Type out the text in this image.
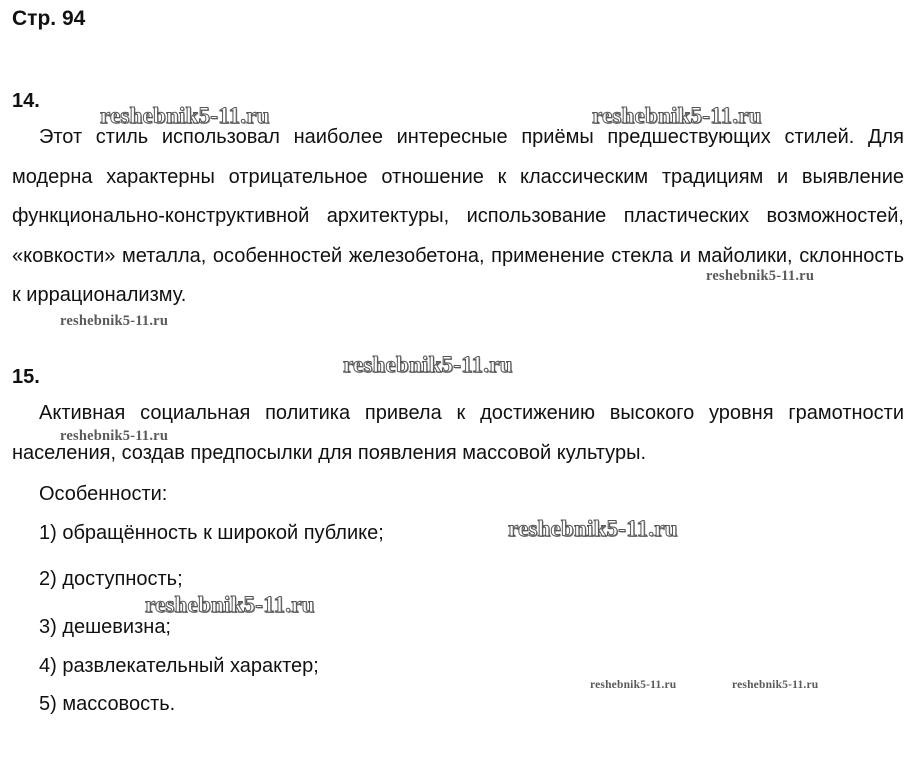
Стр. 94
14.
Этот стиль использовал наиболее интересные приёмы предшествующих стилей. Для модерна характерны отрицательное отношение к классическим традициям и выявление функционально-конструктивной архитектуры, использование пластических возможностей, «ковкости» металла, особенностей железобетона, применение стекла и майолики, склонность к иррационализму.
15.
Активная социальная политика привела к достижению высокого уровня грамотности населения, создав предпосылки для появления массовой культуры.
Особенности:
1) обращённость к широкой публике;
2) доступность;
3) дешевизна;
4) развлекательный характер;
5) массовость.
reshebnik5-11.ru	reshebnik5-11.ru
reshebnik5-11.ru
reshebnik5-11.ru
reshebnik5-11.ru
reshebnik5-11.ru
reshebnik5-11.ru
reshebnik5-11.ru
reshebnik5-11.ru	reshebnik5-11.ru
